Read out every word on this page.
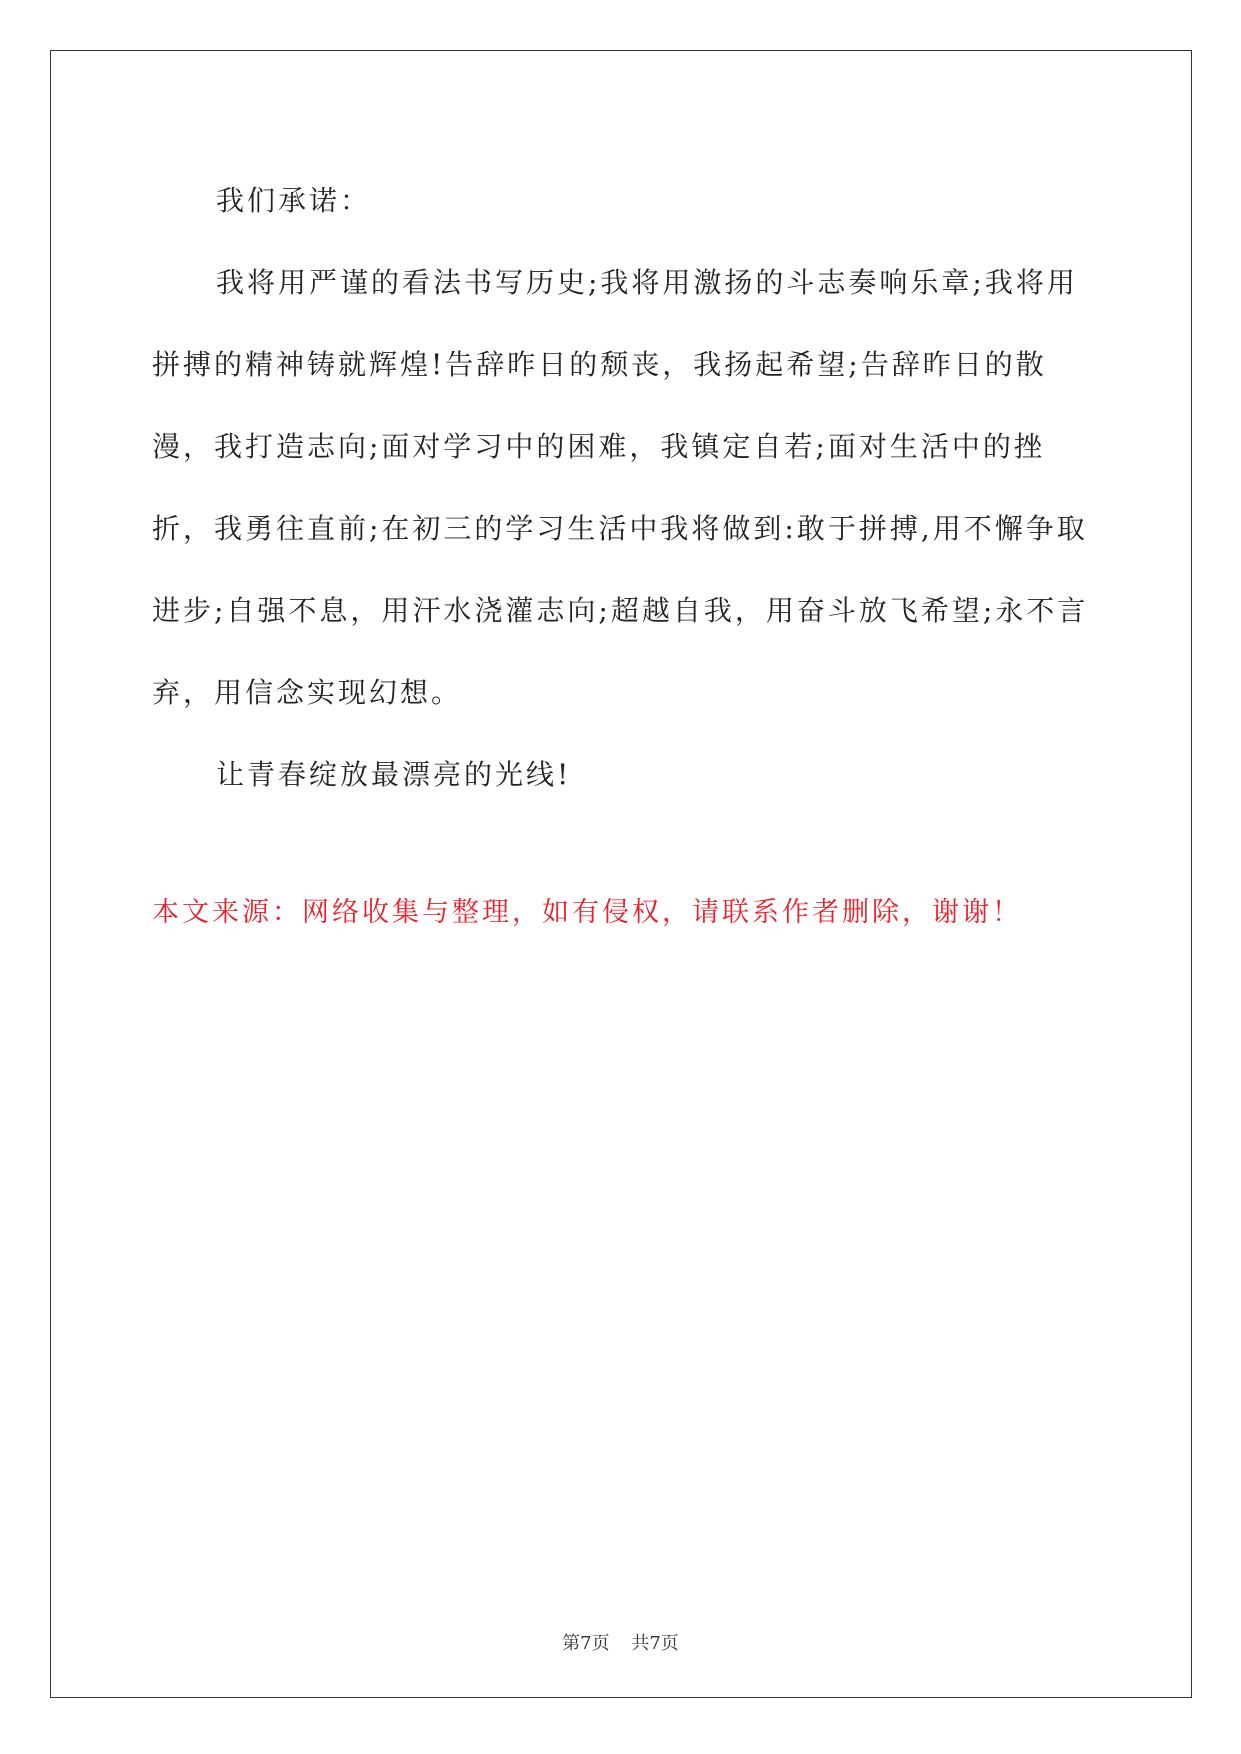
我们承诺：

我将用严谨的看法书写历史;我将用激扬的斗志奏响乐章;我将用拼搏的精神铸就辉煌!告辞昨日的颓丧，我扬起希望;告辞昨日的散漫，我打造志向;面对学习中的困难，我镇定自若;面对生活中的挫折，我勇往直前;在初三的学习生活中我将做到:敢于拼搏,用不懈争取进步;自强不息，用汗水浇灌志向;超越自我，用奋斗放飞希望;永不言弃，用信念实现幻想。

让青春绽放最漂亮的光线!

本文来源：网络收集与整理，如有侵权，请联系作者删除，谢谢！
第7页 共7页
